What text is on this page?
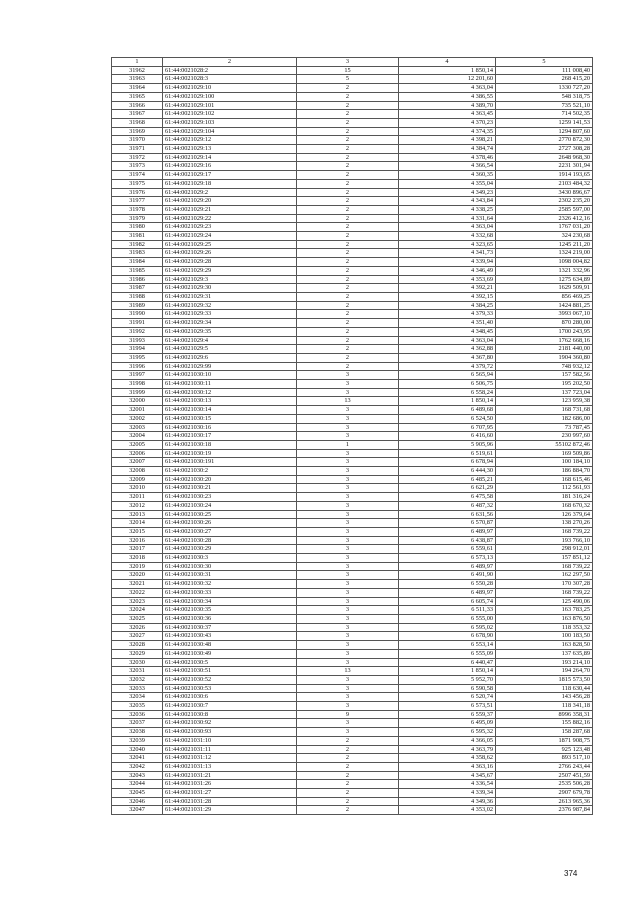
1	2	3	4	5
31962	61:44:0021028:2	15	1 850,14	111 008,40
31963	61:44:0021028:3	5	12 201,60	268 415,20
31964	61:44:0021029:10	2	4 363,04	1330 727,20
31965	61:44:0021029:100	2	4 386,55	548 318,75
31966	61:44:0021029:101	2	4 389,70	735 521,10
31967	61:44:0021029:102	2	4 363,45	714 502,35
31968	61:44:0021029:103	2	4 370,23	1259 141,53
31969	61:44:0021029:104	2	4 374,35	1294 807,60
31970	61:44:0021029:12	2	4 398,21	2770 872,30
31971	61:44:0021029:13	2	4 384,74	2727 308,28
31972	61:44:0021029:14	2	4 378,46	2648 968,30
31973	61:44:0021029:16	2	4 366,54	2231 301,94
31974	61:44:0021029:17	2	4 360,35	1914 193,65
31975	61:44:0021029:18	2	4 355,04	2103 484,32
31976	61:44:0021029:2	2	4 349,23	3430 896,67
31977	61:44:0021029:20	2	4 343,84	2302 235,20
31978	61:44:0021029:21	2	4 338,25	2585 597,00
31979	61:44:0021029:22	2	4 331,64	2326 412,16
31980	61:44:0021029:23	2	4 363,04	1767 031,20
31981	61:44:0021029:24	2	4 332,68	324 230,68
31982	61:44:0021029:25	2	4 323,65	1245 211,20
31983	61:44:0021029:26	2	4 341,73	1324 219,00
31984	61:44:0021029:28	2	4 339,94	1098 004,82
31985	61:44:0021029:29	2	4 346,49	1321 332,96
31986	61:44:0021029:3	2	4 353,69	1275 634,89
31987	61:44:0021029:30	2	4 392,21	1629 509,91
31988	61:44:0021029:31	2	4 392,15	856 469,25
31989	61:44:0021029:32	2	4 384,25	1424 881,25
31990	61:44:0021029:33	2	4 379,33	3993 067,10
31991	61:44:0021029:34	2	4 351,40	870 280,00
31992	61:44:0021029:35	2	4 348,45	1700 243,95
31993	61:44:0021029:4	2	4 363,04	1762 668,16
31994	61:44:0021029:5	2	4 362,88	2181 440,00
31995	61:44:0021029:6	2	4 367,80	1904 360,80
31996	61:44:0021029:99	2	4 379,72	748 932,12
31997	61:44:0021030:10	3	6 565,94	157 582,56
31998	61:44:0021030:11	3	6 506,75	195 202,50
31999	61:44:0021030:12	3	6 558,24	137 723,04
32000	61:44:0021030:13	13	1 850,14	123 959,38
32001	61:44:0021030:14	3	6 489,68	168 731,68
32002	61:44:0021030:15	3	6 524,50	182 686,00
32003	61:44:0021030:16	3	6 707,95	73 787,45
32004	61:44:0021030:17	3	6 416,60	230 997,60
32005	61:44:0021030:18	1	5 905,96	55102 872,46
32006	61:44:0021030:19	3	6 519,61	169 509,86
32007	61:44:0021030:191	3	6 678,94	100 184,10
32008	61:44:0021030:2	3	6 444,30	186 884,70
32009	61:44:0021030:20	3	6 485,21	168 615,46
32010	61:44:0021030:21	3	6 621,29	112 561,93
32011	61:44:0021030:23	3	6 475,58	181 316,24
32012	61:44:0021030:24	3	6 487,32	168 670,32
32013	61:44:0021030:25	3	6 631,56	126 379,64
32014	61:44:0021030:26	3	6 570,87	138 270,26
32015	61:44:0021030:27	3	6 489,97	168 739,22
32016	61:44:0021030:28	3	6 438,87	193 766,10
32017	61:44:0021030:29	3	6 559,61	298 912,01
32018	61:44:0021030:3	3	6 573,13	157 851,12
32019	61:44:0021030:30	3	6 489,97	168 739,22
32020	61:44:0021030:31	3	6 491,90	162 297,50
32021	61:44:0021030:32	3	6 550,28	170 307,28
32022	61:44:0021030:33	3	6 489,97	168 739,22
32023	61:44:0021030:34	3	6 605,74	125 490,06
32024	61:44:0021030:35	3	6 511,33	163 783,25
32025	61:44:0021030:36	3	6 555,00	163 876,50
32026	61:44:0021030:37	3	6 595,02	118 353,32
32027	61:44:0021030:43	3	6 678,90	100 183,50
32028	61:44:0021030:48	3	6 553,14	163 828,50
32029	61:44:0021030:49	3	6 555,09	137 635,89
32030	61:44:0021030:5	3	6 440,47	193 214,10
32031	61:44:0021030:51	13	1 850,14	194 264,70
32032	61:44:0021030:52	3	5 952,70	1815 573,50
32033	61:44:0021030:53	3	6 590,58	118 630,44
32034	61:44:0021030:6	3	6 520,74	143 456,28
32035	61:44:0021030:7	3	6 573,51	118 341,18
32036	61:44:0021030:8	9	6 559,37	8996 358,31
32037	61:44:0021030:92	3	6 495,09	155 882,16
32038	61:44:0021030:93	3	6 595,32	158 287,68
32039	61:44:0021031:10	2	4 366,05	1871 908,75
32040	61:44:0021031:11	2	4 363,79	925 123,48
32041	61:44:0021031:12	2	4 358,62	893 517,10
32042	61:44:0021031:13	2	4 363,16	2766 243,44
32043	61:44:0021031:21	2	4 345,67	2507 451,59
32044	61:44:0021031:26	2	4 336,54	2535 506,28
32045	61:44:0021031:27	2	4 339,34	2907 679,78
32046	61:44:0021031:28	2	4 349,36	2613 965,36
32047	61:44:0021031:29	2	4 353,02	2376 987,84
374
